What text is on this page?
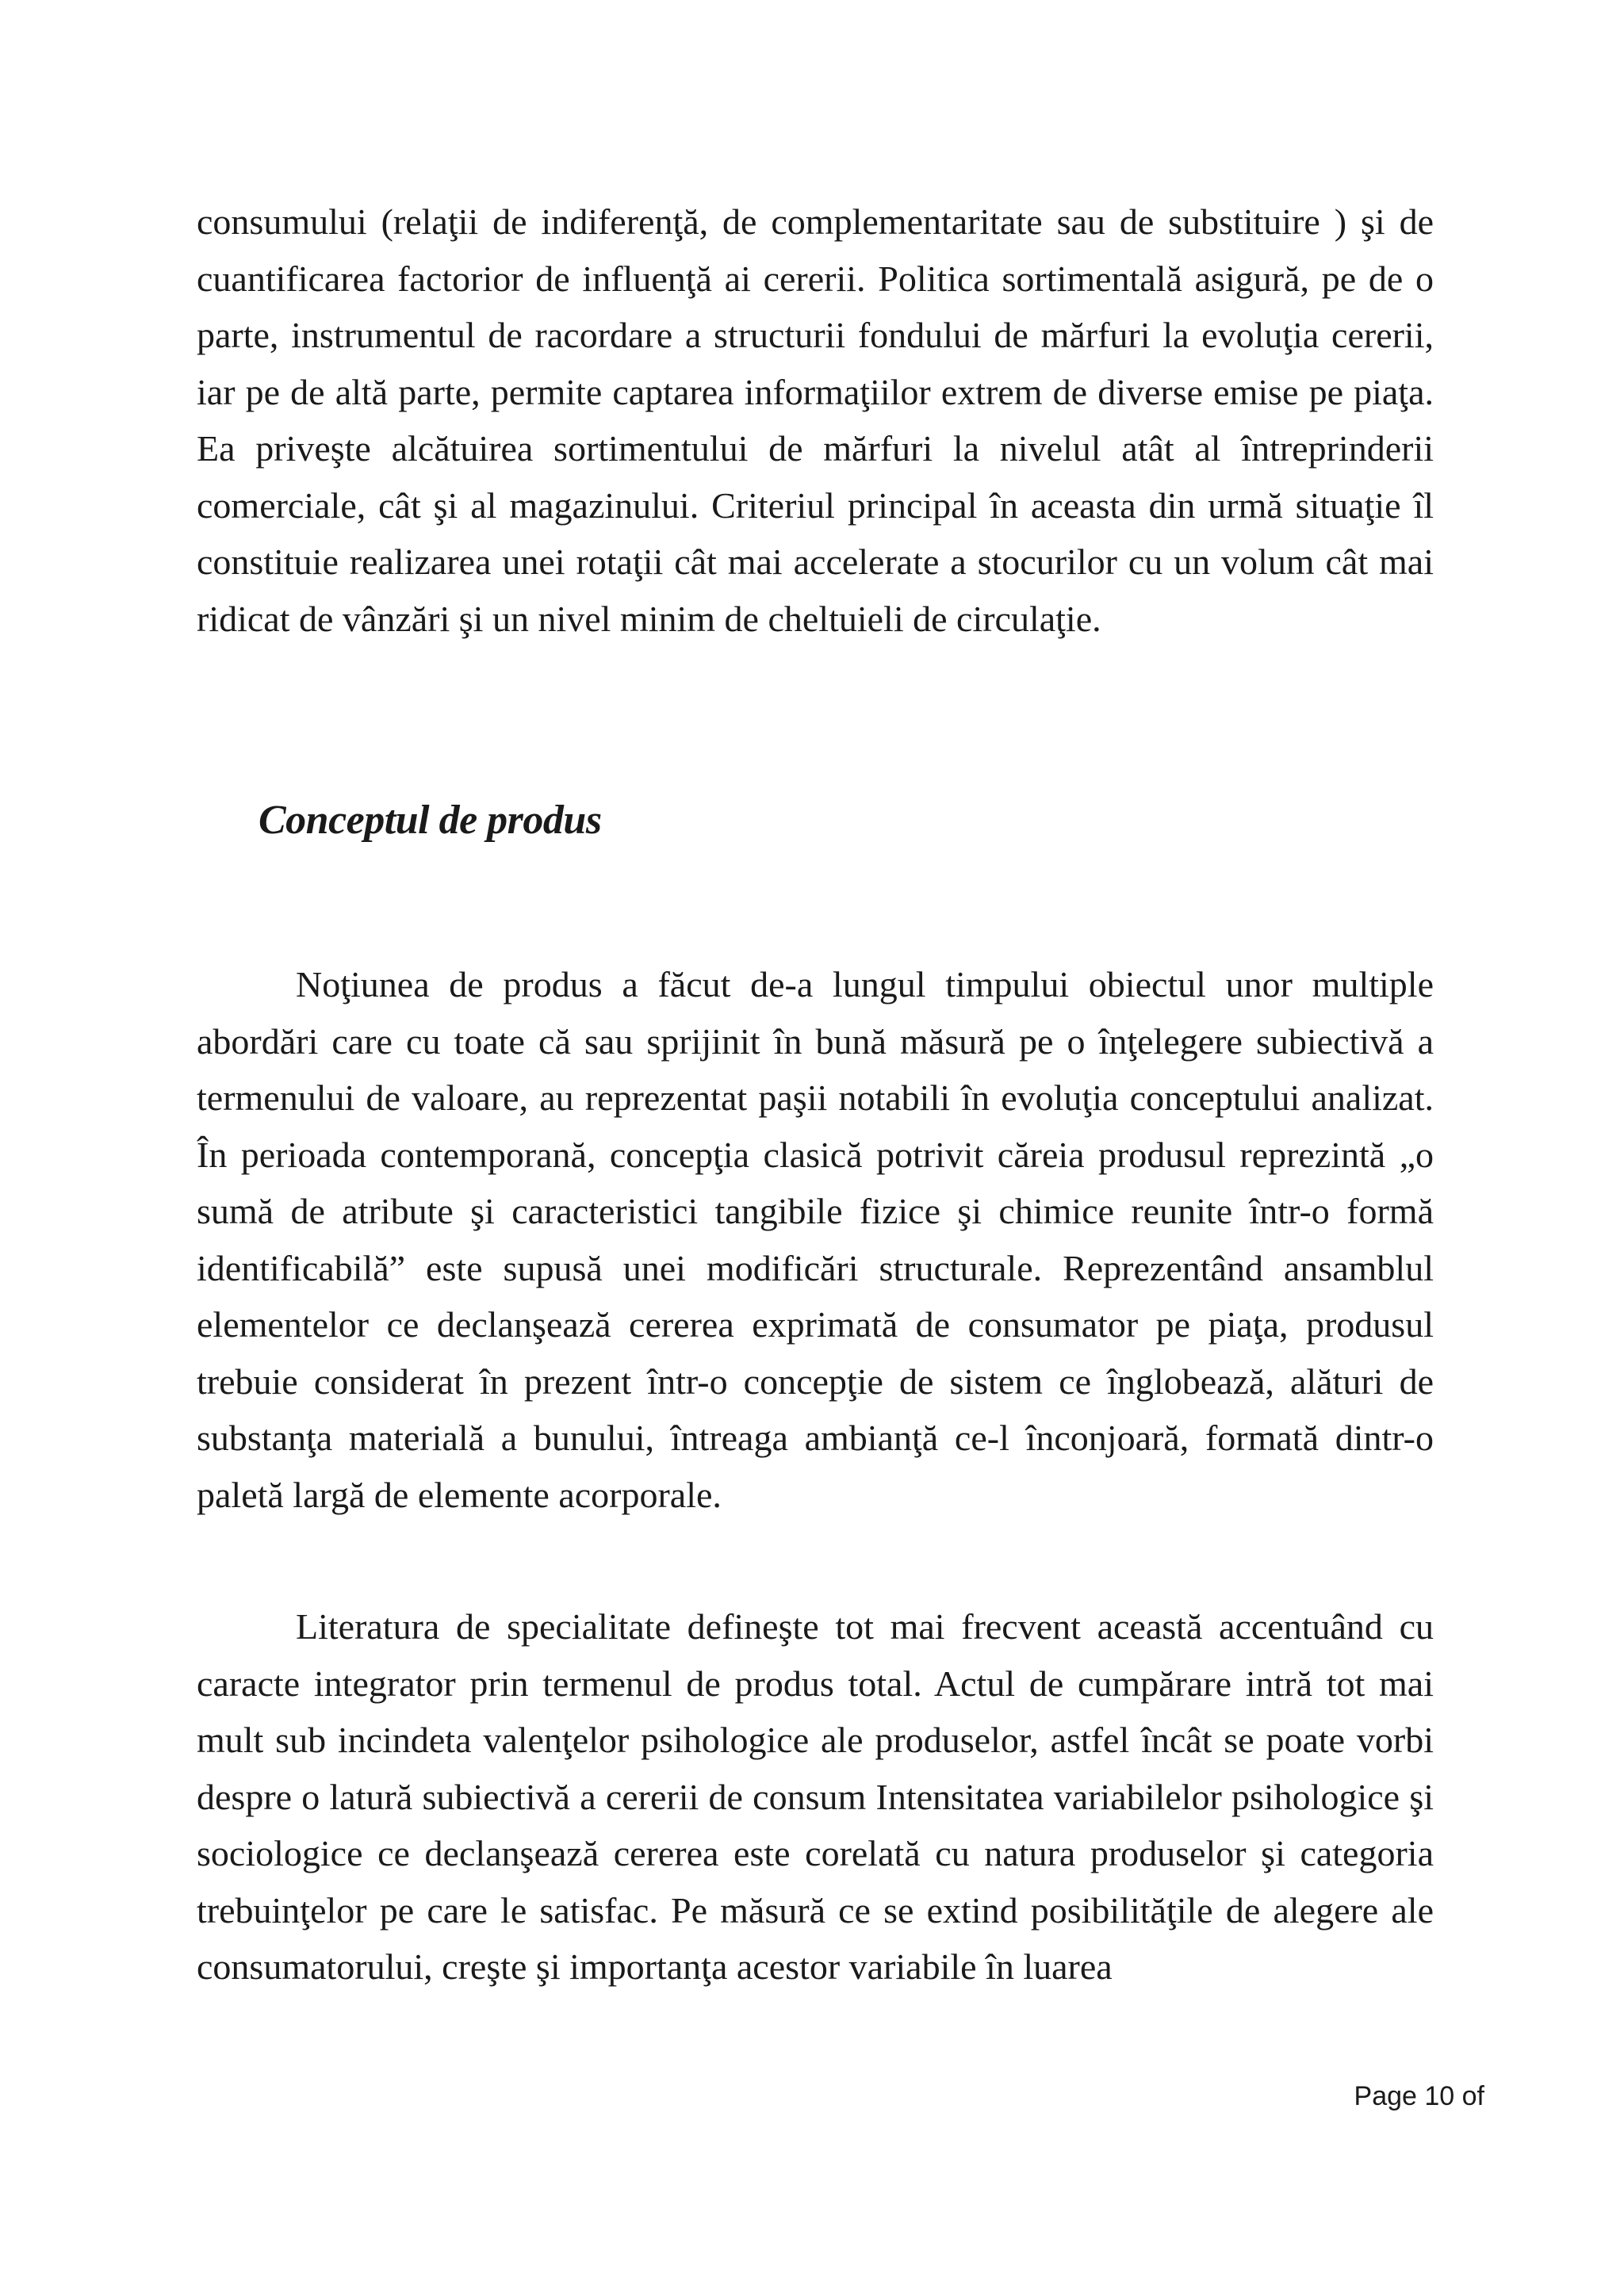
consumului (relaţii de indiferenţă, de complementaritate sau de substituire ) şi de cuantificarea factorior de influenţă ai cererii. Politica sortimentală asigură, pe de o parte, instrumentul de racordare a structurii fondului de mărfuri la evoluţia cererii, iar pe de altă parte, permite captarea informaţiilor extrem de diverse emise pe piaţa. Ea priveşte alcătuirea sortimentului de mărfuri la nivelul atât al întreprinderii comerciale, cât şi al magazinului. Criteriul principal în aceasta din urmă situaţie îl constituie realizarea unei rotaţii cât mai accelerate a stocurilor cu un volum cât mai ridicat de vânzări şi un nivel minim de cheltuieli de circulaţie.

Conceptul de produs

Noţiunea de produs a făcut de-a lungul timpului obiectul unor multiple abordări care cu toate că sau sprijinit în bună măsură pe o înţelegere subiectivă a termenului de valoare, au reprezentat paşii notabili în evoluţia conceptului analizat. În perioada contemporană, concepţia clasică potrivit căreia produsul reprezintă „o sumă de atribute şi caracteristici tangibile fizice şi chimice reunite într-o formă identificabilă” este supusă unei modificări structurale. Reprezentând ansamblul elementelor ce declanşează cererea exprimată de consumator pe piaţa, produsul trebuie considerat în prezent într-o concepţie de sistem ce înglobează, alături de substanţa materială a bunului, întreaga ambianţă ce-l înconjoară, formată dintr-o paletă largă de elemente acorporale.

Literatura de specialitate defineşte tot mai frecvent această accentuând cu caracte integrator prin termenul de produs total. Actul de cumpărare intră tot mai mult sub incindeta valenţelor psihologice ale produselor, astfel încât se poate vorbi despre o latură subiectivă a cererii de consum Intensitatea variabilelor psihologice şi sociologice ce declanşează cererea este corelată cu natura produselor şi categoria trebuinţelor pe care le satisfac. Pe măsură ce se extind posibilităţile de alegere ale consumatorului, creşte şi importanţa acestor variabile în luarea

Page 10 of
